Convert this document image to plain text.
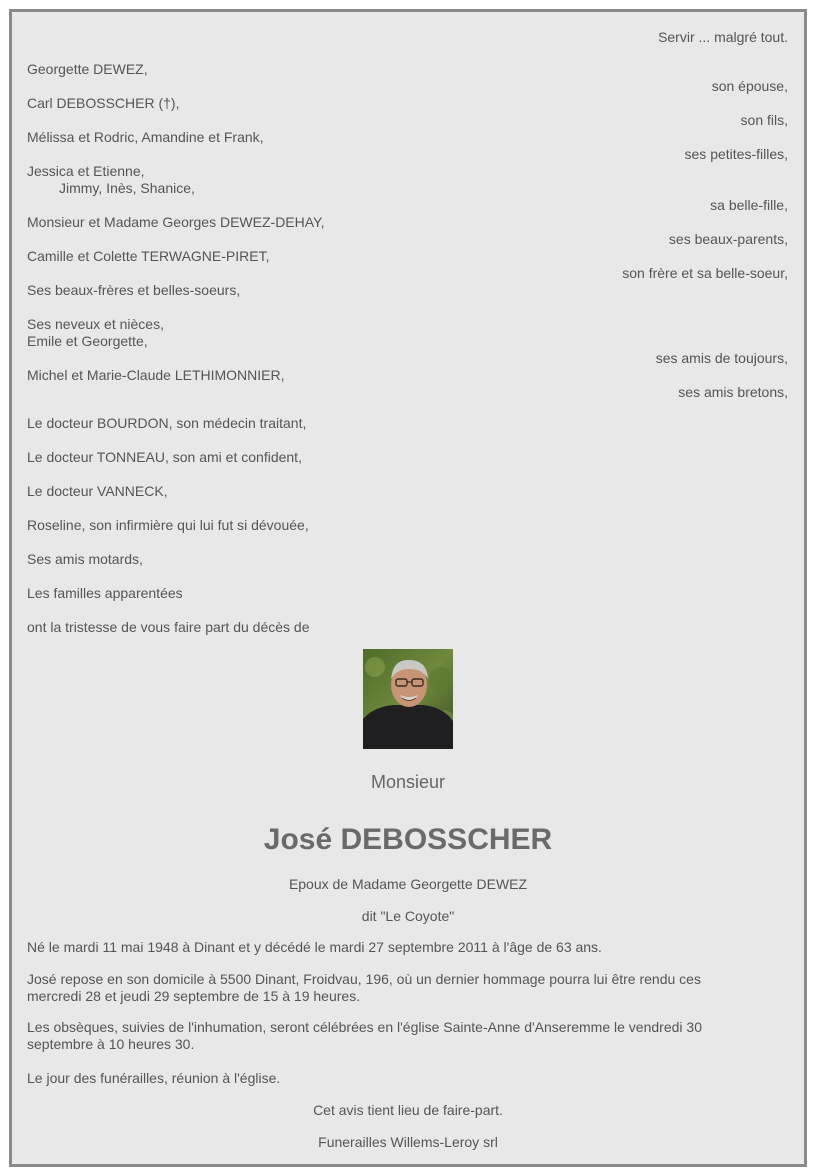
Servir ... malgré tout.
Georgette DEWEZ,
son épouse,
Carl DEBOSSCHER (†),
son fils,
Mélissa et Rodric, Amandine et Frank,
ses petites-filles,
Jessica et Etienne,
Jimmy, Inès, Shanice,
sa belle-fille,
Monsieur et Madame Georges DEWEZ-DEHAY,
ses beaux-parents,
Camille et Colette TERWAGNE-PIRET,
son frère et sa belle-soeur,
Ses beaux-frères et belles-soeurs,
Ses neveux et nièces,
Emile et Georgette,
ses amis de toujours,
Michel et Marie-Claude LETHIMONNIER,
ses amis bretons,
Le docteur BOURDON, son médecin traitant,
Le docteur TONNEAU, son ami et confident,
Le docteur VANNECK,
Roseline, son infirmière qui lui fut si dévouée,
Ses amis motards,
Les familles apparentées
ont la tristesse de vous faire part du décès de
Monsieur
José DEBOSSCHER
Epoux de Madame Georgette DEWEZ
dit "Le Coyote"
Né le mardi 11 mai 1948 à Dinant et y décédé le mardi 27 septembre 2011 à l'âge de 63 ans.
José repose en son domicile à 5500 Dinant, Froidvau, 196, où un dernier hommage pourra lui être rendu ces mercredi 28 et jeudi 29 septembre de 15 à 19 heures.
Les obsèques, suivies de l'inhumation, seront célébrées en l'église Sainte-Anne d'Anseremme le vendredi 30 septembre à 10 heures 30.
Le jour des funérailles, réunion à l'église.
Cet avis tient lieu de faire-part.
Funerailles Willems-Leroy srl
